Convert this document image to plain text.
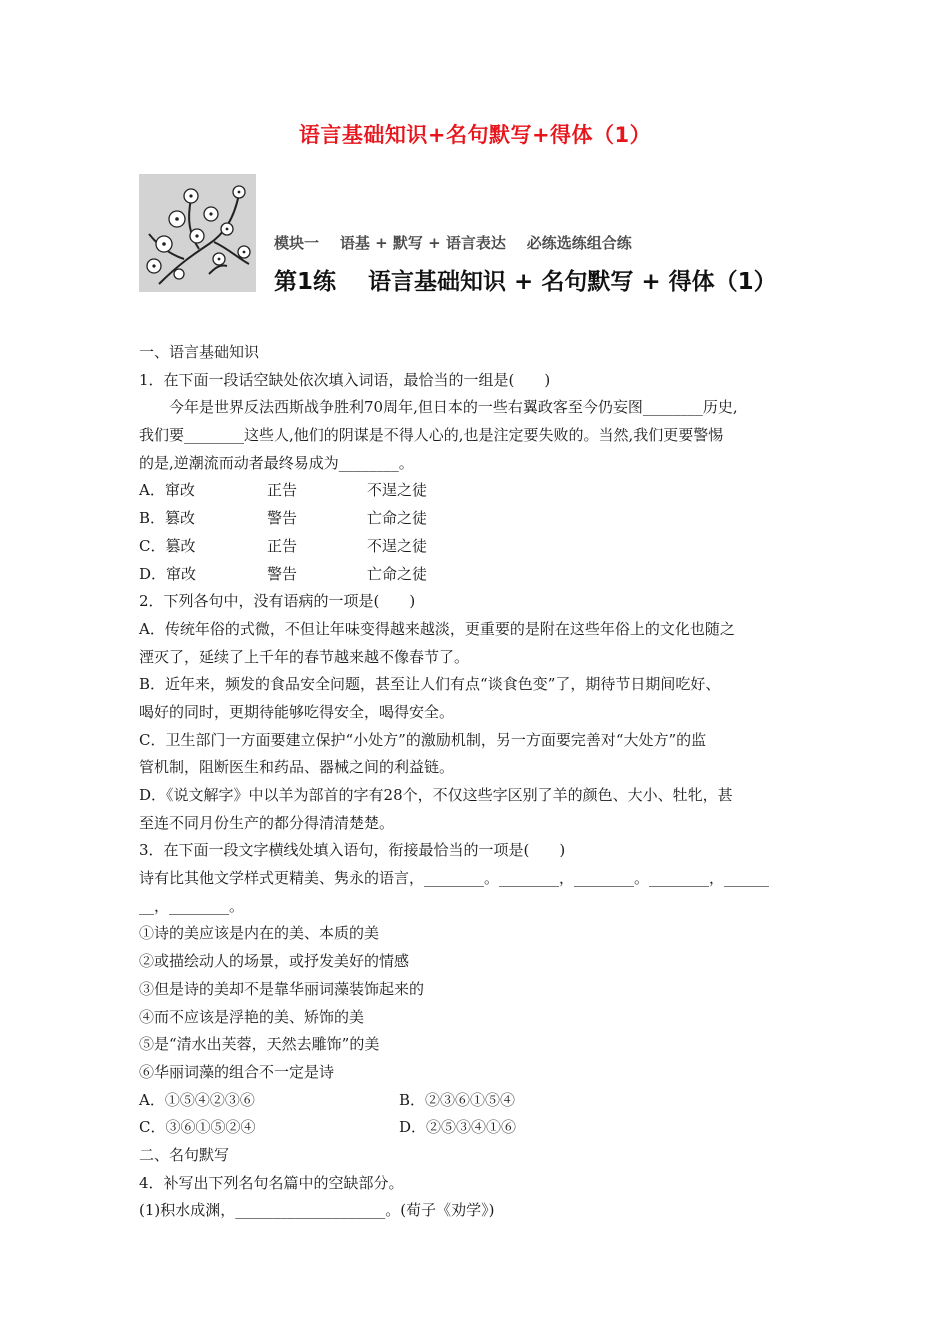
语言基础知识+名句默写+得体（1）
模块一    语基 + 默写 + 语言表达    必练选练组合练
第1练    语言基础知识 + 名句默写 + 得体（1）
一、语言基础知识
1．在下面一段话空缺处依次填入词语，最恰当的一组是(　　)
今年是世界反法西斯战争胜利70周年,但日本的一些右翼政客至今仍妄图________历史,
我们要________这些人,他们的阴谋是不得人心的,也是注定要失败的。当然,我们更要警惕
的是,逆潮流而动者最终易成为________。
A．窜改	正告	不逞之徒
B．篡改	警告	亡命之徒
C．篡改	正告	不逞之徒
D．窜改	警告	亡命之徒
2．下列各句中，没有语病的一项是(　　)
A．传统年俗的式微，不但让年味变得越来越淡，更重要的是附在这些年俗上的文化也随之
湮灭了，延续了上千年的春节越来越不像春节了。
B．近年来，频发的食品安全问题，甚至让人们有点“谈食色变”了，期待节日期间吃好、
喝好的同时，更期待能够吃得安全，喝得安全。
C．卫生部门一方面要建立保护“小处方”的激励机制，另一方面要完善对“大处方”的监
管机制，阻断医生和药品、器械之间的利益链。
D．《说文解字》中以羊为部首的字有28个，不仅这些字区别了羊的颜色、大小、牡牝，甚
至连不同月份生产的都分得清清楚楚。
3．在下面一段文字横线处填入语句，衔接最恰当的一项是(　　)
诗有比其他文学样式更精美、隽永的语言，________。________，________。________，______
__，________。
①诗的美应该是内在的美、本质的美
②或描绘动人的场景，或抒发美好的情感
③但是诗的美却不是靠华丽词藻装饰起来的
④而不应该是浮艳的美、矫饰的美
⑤是“清水出芙蓉，天然去雕饰”的美
⑥华丽词藻的组合不一定是诗
A．①⑤④②③⑥	B．②③⑥①⑤④
C．③⑥①⑤②④	D．②⑤③④①⑥
二、名句默写
4．补写出下列名句名篇中的空缺部分。
(1)积水成渊，____________________。(荀子《劝学》)
